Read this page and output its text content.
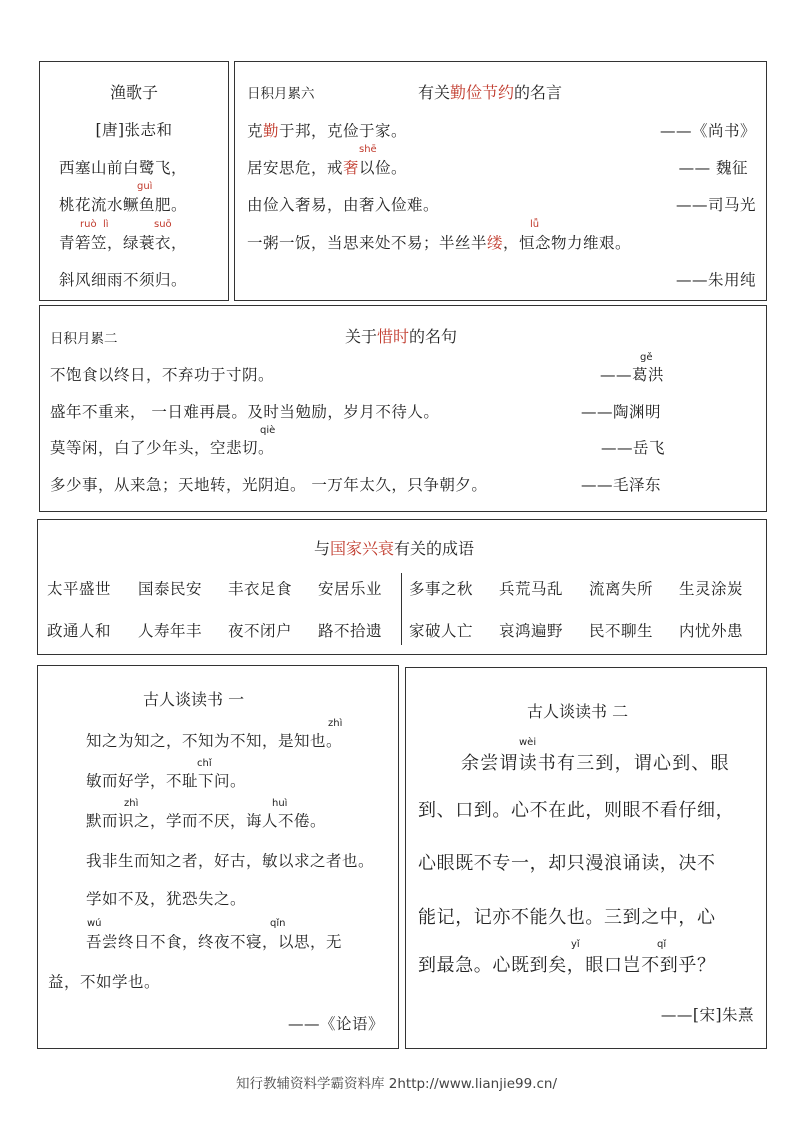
渔歌子
[唐]张志和
西塞山前白鹭飞，
guì
桃花流水鳜鱼肥。
ruò lì	suō
青箬笠，绿蓑衣，
斜风细雨不须归。
日积月累六	有关勤俭节约的名言
克勤于邦，克俭于家。	——《尚书》
shē
居安思危，戒奢以俭。	—— 魏征
由俭入奢易，由奢入俭难。	——司马光
lǚ
一粥一饭，当思来处不易；半丝半缕，恒念物力维艰。
——朱用纯
日积月累二	关于惜时的名句
gě
不饱食以终日，不弃功于寸阴。	——葛洪
盛年不重来， 一日难再晨。及时当勉励，岁月不待人。	——陶渊明
qiè
莫等闲，白了少年头，空悲切。	——岳飞
多少事，从来急；天地转，光阴迫。 一万年太久，只争朝夕。	——毛泽东
与国家兴衰有关的成语
太平盛世 国泰民安 丰衣足食 安居乐业 多事之秋 兵荒马乱 流离失所 生灵涂炭
政通人和 人寿年丰 夜不闭户 路不拾遗 家破人亡 哀鸿遍野 民不聊生 内忧外患
古人谈读书 一
zhì
知之为知之，不知为不知，是知也。
chǐ
敏而好学，不耻下问。
zhì	huì
默而识之，学而不厌，诲人不倦。
我非生而知之者，好古，敏以求之者也。
学如不及，犹恐失之。
wú	qǐn
吾尝终日不食，终夜不寝，以思，无
益，不如学也。
——《论语》
古人谈读书 二
wèi
余尝谓读书有三到，谓心到、眼
到、口到。心不在此，则眼不看仔细，
心眼既不专一，却只漫浪诵读，决不
能记，记亦不能久也。三到之中，心
yǐ	qǐ
到最急。心既到矣，眼口岂不到乎？
——[宋]朱熹
知行教辅资料学霸资料库 2http://www.lianjie99.cn/
